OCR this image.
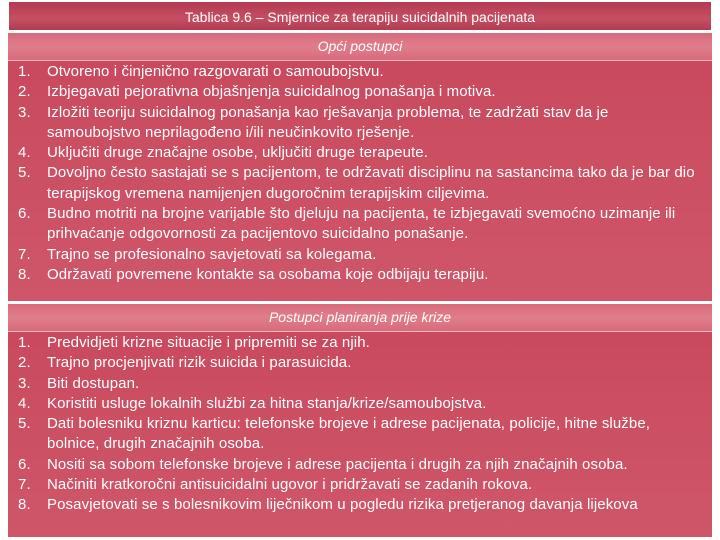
Tablica 9.6 – Smjernice za terapiju suicidalnih pacijenata
Opći postupci
1. Otvoreno i činjenično razgovarati o samoubojstvu.
2. Izbjegavati pejorativna objašnjenja suicidalnog ponašanja i motiva.
3. Izložiti teoriju suicidalnog ponašanja kao rješavanja problema, te zadržati stav da je samoubojstvo neprilagođeno i/ili neučinkovito rješenje.
4. Uključiti druge značajne osobe, uključiti druge terapeute.
5. Dovoljno često sastajati se s pacijentom, te održavati disciplinu na sastancima tako da je bar dio terapijskog vremena namijenjen dugoročnim terapijskim ciljevima.
6. Budno motriti na brojne varijable što djeluju na pacijenta, te izbjegavati svemoćno uzimanje ili prihvaćanje odgovornosti za pacijentovo suicidalno ponašanje.
7. Trajno se profesionalno savjetovati sa kolegama.
8. Održavati povremene kontakte sa osobama koje odbijaju terapiju.
Postupci planiranja prije krize
1. Predvidjeti krizne situacije i pripremiti se za njih.
2. Trajno procjenjivati rizik suicida i parasuicida.
3. Biti dostupan.
4. Koristiti usluge lokalnih službi za hitna stanja/krize/samoubojstva.
5. Dati bolesniku kriznu karticu: telefonske brojeve i adrese pacijenata, policije, hitne službe, bolnice, drugih značajnih osoba.
6. Nositi sa sobom telefonske brojeve i adrese pacijenta i drugih za njih značajnih osoba.
7. Načiniti kratkoročni antisuicidalni ugovor i pridržavati se zadanih rokova.
8. Posavjetovati se s bolesnikovim liječnikom u pogledu rizika pretjeranog davanja lijekova
